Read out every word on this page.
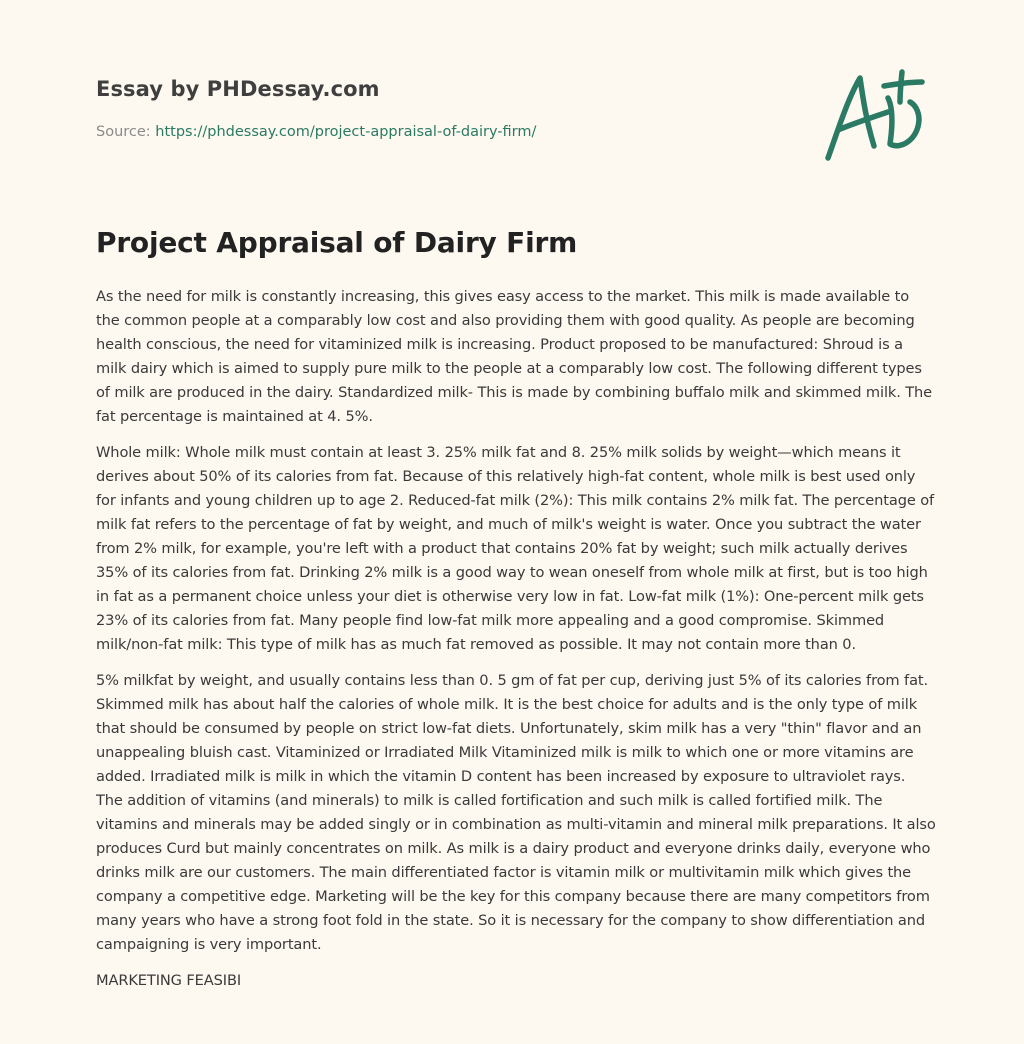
Essay by PHDessay.com
Source: https://phdessay.com/project-appraisal-of-dairy-firm/
Project Appraisal of Dairy Firm

As the need for milk is constantly increasing, this gives easy access to the market. This milk is made available to the common people at a comparably low cost and also providing them with good quality. As people are becoming health conscious, the need for vitaminized milk is increasing. Product proposed to be manufactured: Shroud is a milk dairy which is aimed to supply pure milk to the people at a comparably low cost. The following different types of milk are produced in the dairy. Standardized milk- This is made by combining buffalo milk and skimmed milk. The fat percentage is maintained at 4. 5%.

Whole milk: Whole milk must contain at least 3. 25% milk fat and 8. 25% milk solids by weight—which means it derives about 50% of its calories from fat. Because of this relatively high-fat content, whole milk is best used only for infants and young children up to age 2. Reduced-fat milk (2%): This milk contains 2% milk fat. The percentage of milk fat refers to the percentage of fat by weight, and much of milk's weight is water. Once you subtract the water from 2% milk, for example, you're left with a product that contains 20% fat by weight; such milk actually derives 35% of its calories from fat. Drinking 2% milk is a good way to wean oneself from whole milk at first, but is too high in fat as a permanent choice unless your diet is otherwise very low in fat. Low-fat milk (1%): One-percent milk gets 23% of its calories from fat. Many people find low-fat milk more appealing and a good compromise. Skimmed milk/non-fat milk: This type of milk has as much fat removed as possible. It may not contain more than 0.

5% milkfat by weight, and usually contains less than 0. 5 gm of fat per cup, deriving just 5% of its calories from fat. Skimmed milk has about half the calories of whole milk. It is the best choice for adults and is the only type of milk that should be consumed by people on strict low-fat diets. Unfortunately, skim milk has a very "thin" flavor and an unappealing bluish cast. Vitaminized or Irradiated Milk Vitaminized milk is milk to which one or more vitamins are added. Irradiated milk is milk in which the vitamin D content has been increased by exposure to ultraviolet rays. The addition of vitamins (and minerals) to milk is called fortification and such milk is called fortified milk. The vitamins and minerals may be added singly or in combination as multi-vitamin and mineral milk preparations. It also produces Curd but mainly concentrates on milk. As milk is a dairy product and everyone drinks daily, everyone who drinks milk are our customers. The main differentiated factor is vitamin milk or multivitamin milk which gives the company a competitive edge. Marketing will be the key for this company because there are many competitors from many years who have a strong foot fold in the state. So it is necessary for the company to show differentiation and campaigning is very important.

MARKETING FEASIBI
